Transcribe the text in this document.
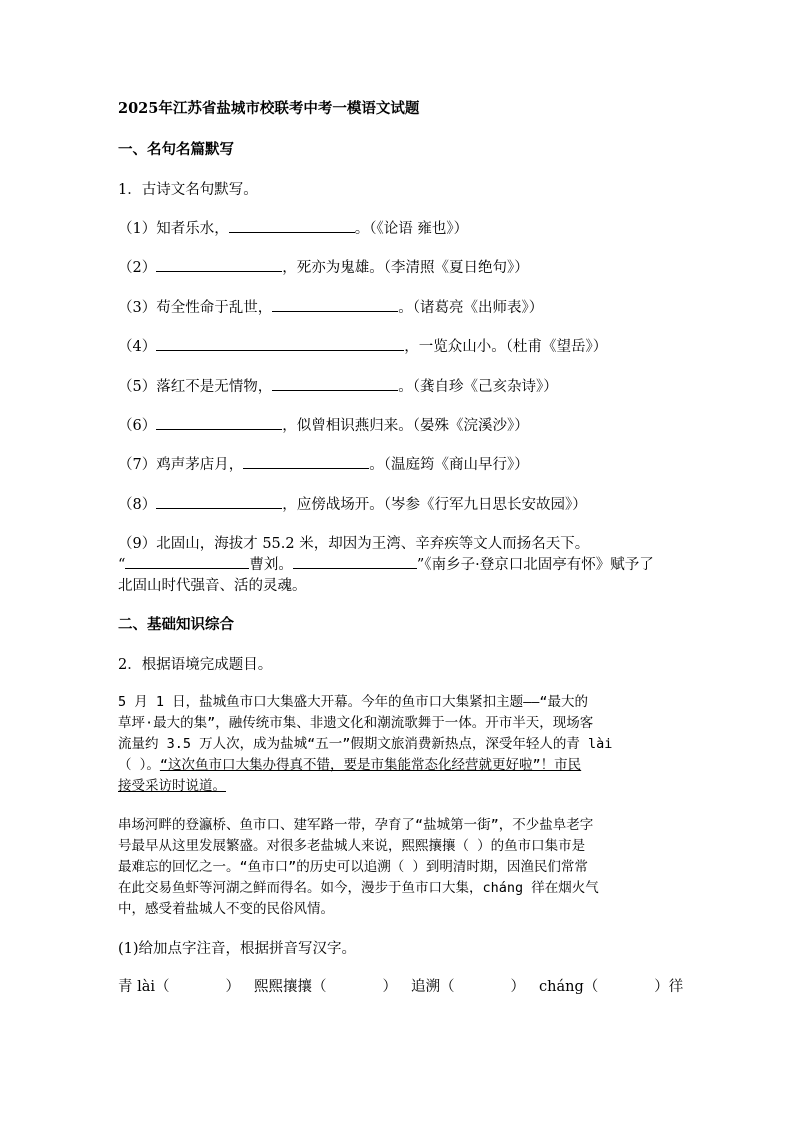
2025年江苏省盐城市校联考中考一模语文试题
一、名句名篇默写
1．古诗文名句默写。
（1）知者乐水，	。（《论语 雍也》）
（2）	，死亦为鬼雄。（李清照《夏日绝句》）
（3）苟全性命于乱世，	。（诸葛亮《出师表》）
（4）	，一览众山小。（杜甫《望岳》）
（5）落红不是无情物，	。（龚自珍《己亥杂诗》）
（6）	，似曾相识燕归来。（晏殊《浣溪沙》）
（7）鸡声茅店月，	。（温庭筠《商山早行》）
（8）	，应傍战场开。（岑参《行军九日思长安故园》）
（9）北固山，海拔才 55.2 米，却因为王湾、辛弃疾等文人而扬名天下。
“	曹刘。	”《南乡子·登京口北固亭有怀》赋予了
北固山时代强音、活的灵魂。
二、基础知识综合
2．根据语境完成题目。
5 月 1 日，盐城鱼市口大集盛大开幕。今年的鱼市口大集紧扣主题——“最大的
草坪·最大的集”，融传统市集、非遗文化和潮流歌舞于一体。开市半天，现场客
流量约 3.5 万人次，成为盐城“五一”假期文旅消费新热点，深受年轻人的青 lài
（ ）。“这次鱼市口大集办得真不错，要是市集能常态化经营就更好啦”！市民
接受采访时说道。
串场河畔的登瀛桥、鱼市口、建军路一带，孕育了“盐城第一街”，不少盐阜老字
号最早从这里发展繁盛。对很多老盐城人来说，熙熙攘攘（ ）的鱼市口集市是
最难忘的回忆之一。“鱼市口”的历史可以追溯（ ）到明清时期，因渔民们常常
在此交易鱼虾等河湖之鲜而得名。如今，漫步于鱼市口大集，cháng 徉在烟火气
中，感受着盐城人不变的民俗风情。
(1)给加点字注音，根据拼音写汉字。
青 lài（	） 熙熙攘攘（	） 追溯（	） cháng（	）徉
